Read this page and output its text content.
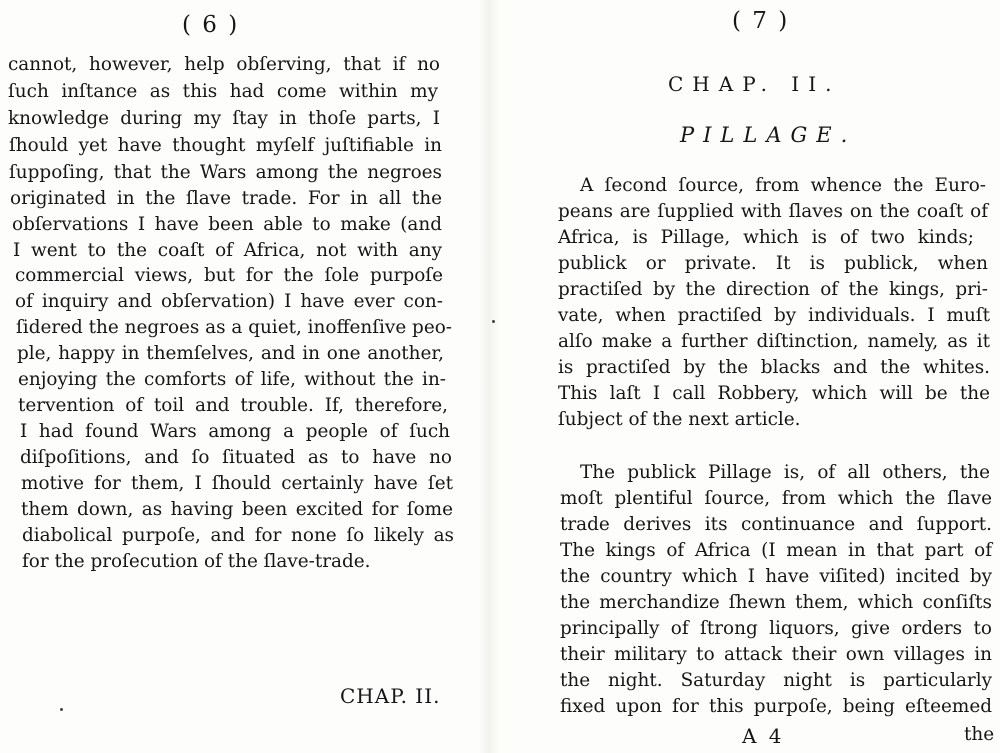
( 6 )
cannot, however, help obſerving, that if no
ſuch inſtance as this had come within my
knowledge during my ſtay in thoſe parts, I
ſhould yet have thought myſelf juſtifiable in
ſuppoſing, that the Wars among the negroes
originated in the ſlave trade. For in all the
obſervations I have been able to make (and
I went to the coaſt of Africa, not with any
commercial views, but for the ſole purpoſe
of inquiry and obſervation) I have ever con-
ſidered the negroes as a quiet, inoffenſive peo-
ple, happy in themſelves, and in one another,
enjoying the comforts of life, without the in-
tervention of toil and trouble. If, therefore,
I had found Wars among a people of ſuch
diſpoſitions, and ſo ſituated as to have no
motive for them, I ſhould certainly have ſet
them down, as having been excited for ſome
diabolical purpoſe, and for none ſo likely as
for the proſecution of the ſlave-trade.
CHAP. II.
( 7 )
CHAP. II.
PILLAGE.
A ſecond ſource, from whence the Euro-
peans are ſupplied with ſlaves on the coaſt of
Africa, is Pillage, which is of two kinds;
publick or private. It is publick, when
practiſed by the direction of the kings, pri-
vate, when practiſed by individuals. I muſt
alſo make a further diſtinction, namely, as it
is practiſed by the blacks and the whites.
This laſt I call Robbery, which will be the
ſubject of the next article.
The publick Pillage is, of all others, the
moſt plentiful ſource, from which the ſlave
trade derives its continuance and ſupport.
The kings of Africa (I mean in that part of
the country which I have viſited) incited by
the merchandize ſhewn them, which conſiſts
principally of ſtrong liquors, give orders to
their military to attack their own villages in
the night. Saturday night is particularly
fixed upon for this purpoſe, being eſteemed
A 4	the
